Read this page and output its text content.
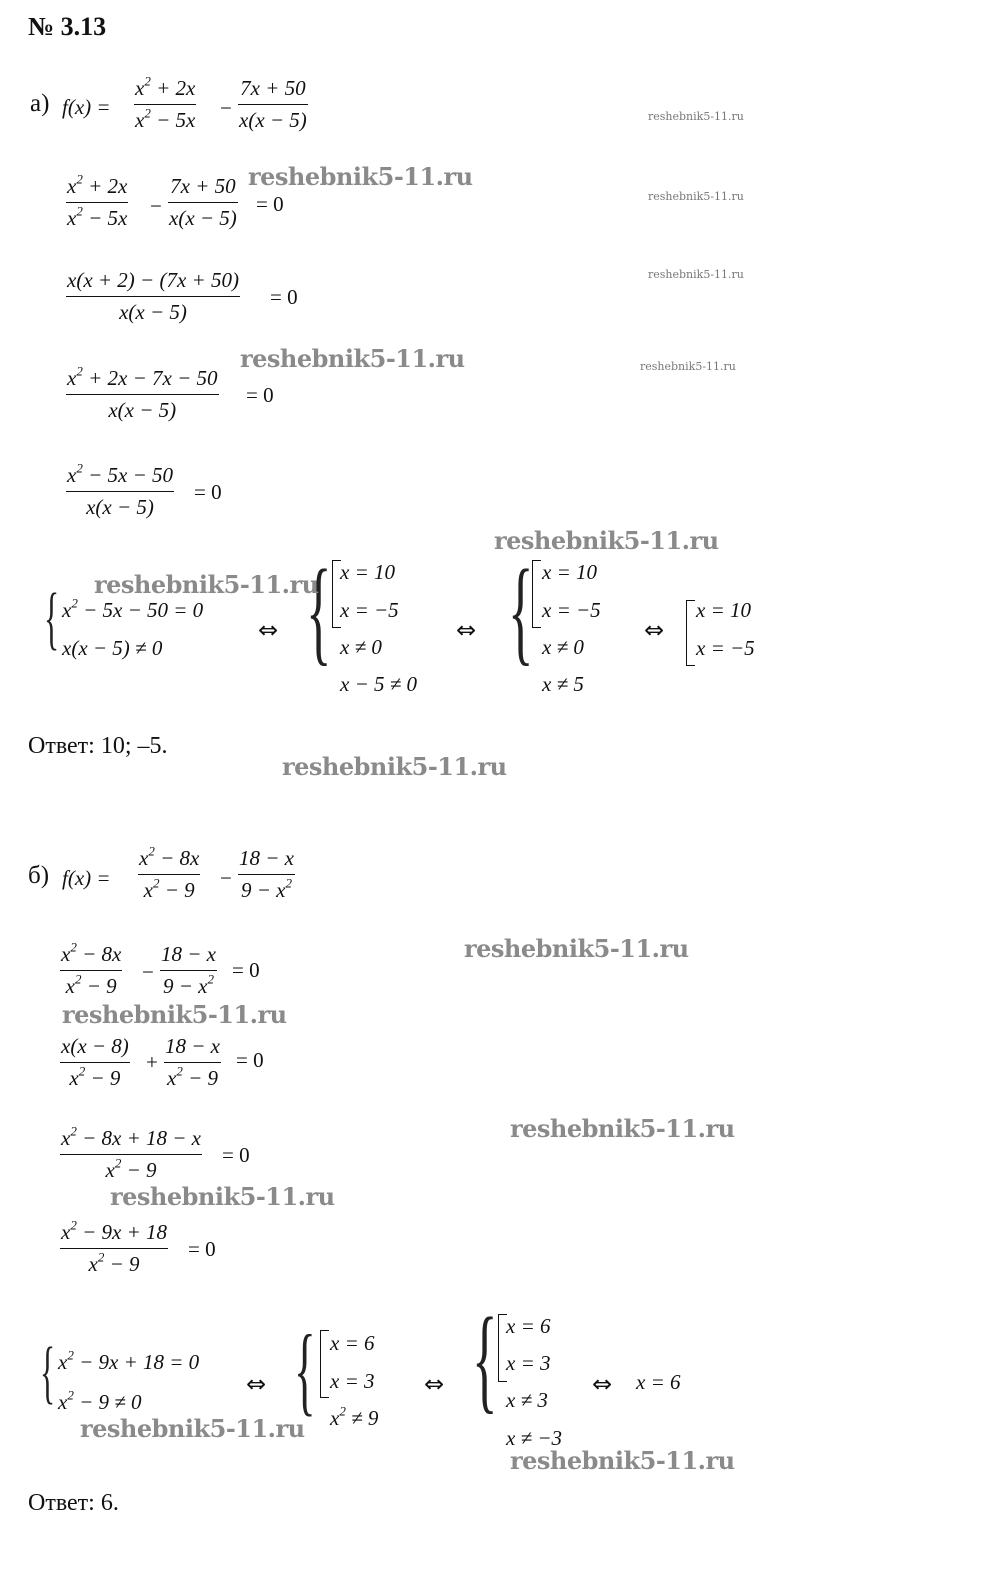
№ 3.13
а) $f(x) = \frac{x^2 + 2x}{x^2 - 5x} - \frac{7x + 50}{x(x - 5)}$
$\frac{x^2 + 2x}{x^2 - 5x} - \frac{7x + 50}{x(x - 5)} = 0$
$\frac{x(x + 2) - (7x + 50)}{x(x - 5)} = 0$
$\frac{x^2 + 2x - 7x - 50}{x(x - 5)} = 0$
$\frac{x^2 - 5x - 50}{x(x - 5)} = 0$
{ $x^2 - 5x - 50 = 0$
x(x − 5) ≠ 0
⇔ { x = 10
x = −5
x ≠ 0
x − 5 ≠ 0
⇔ { x = 10
x = −5
x ≠ 0
x ≠ 5
⇔
x = 10
x = −5
Ответ: 10; –5.
б) $f(x) = \frac{x^2 - 8x}{x^2 - 9} - \frac{18 - x}{9 - x^2}$
$\frac{x^2 - 8x}{x^2 - 9} - \frac{18 - x}{9 - x^2} = 0$
$\frac{x(x - 8)}{x^2 - 9} + \frac{18 - x}{x^2 - 9} = 0$
$\frac{x^2 - 8x + 18 - x}{x^2 - 9} = 0$
$\frac{x^2 - 9x + 18}{x^2 - 9} = 0$
{ $x^2 - 9x + 18 = 0$
$x^2 - 9 \ne 0$
⇔ { x = 6
x = 3
$x^2 \ne 9$
⇔ { x = 6
x = 3
x ≠ 3
x ≠ −3
⇔ x = 6
Ответ: 6.
reshebnik5-11.ru
reshebnik5-11.ru
reshebnik5-11.ru
reshebnik5-11.ru
reshebnik5-11.ru
reshebnik5-11.ru
reshebnik5-11.ru
reshebnik5-11.ru
reshebnik5-11.ru
reshebnik5-11.ru
reshebnik5-11.ru
reshebnik5-11.ru
reshebnik5-11.ru
reshebnik5-11.ru
reshebnik5-11.ru
